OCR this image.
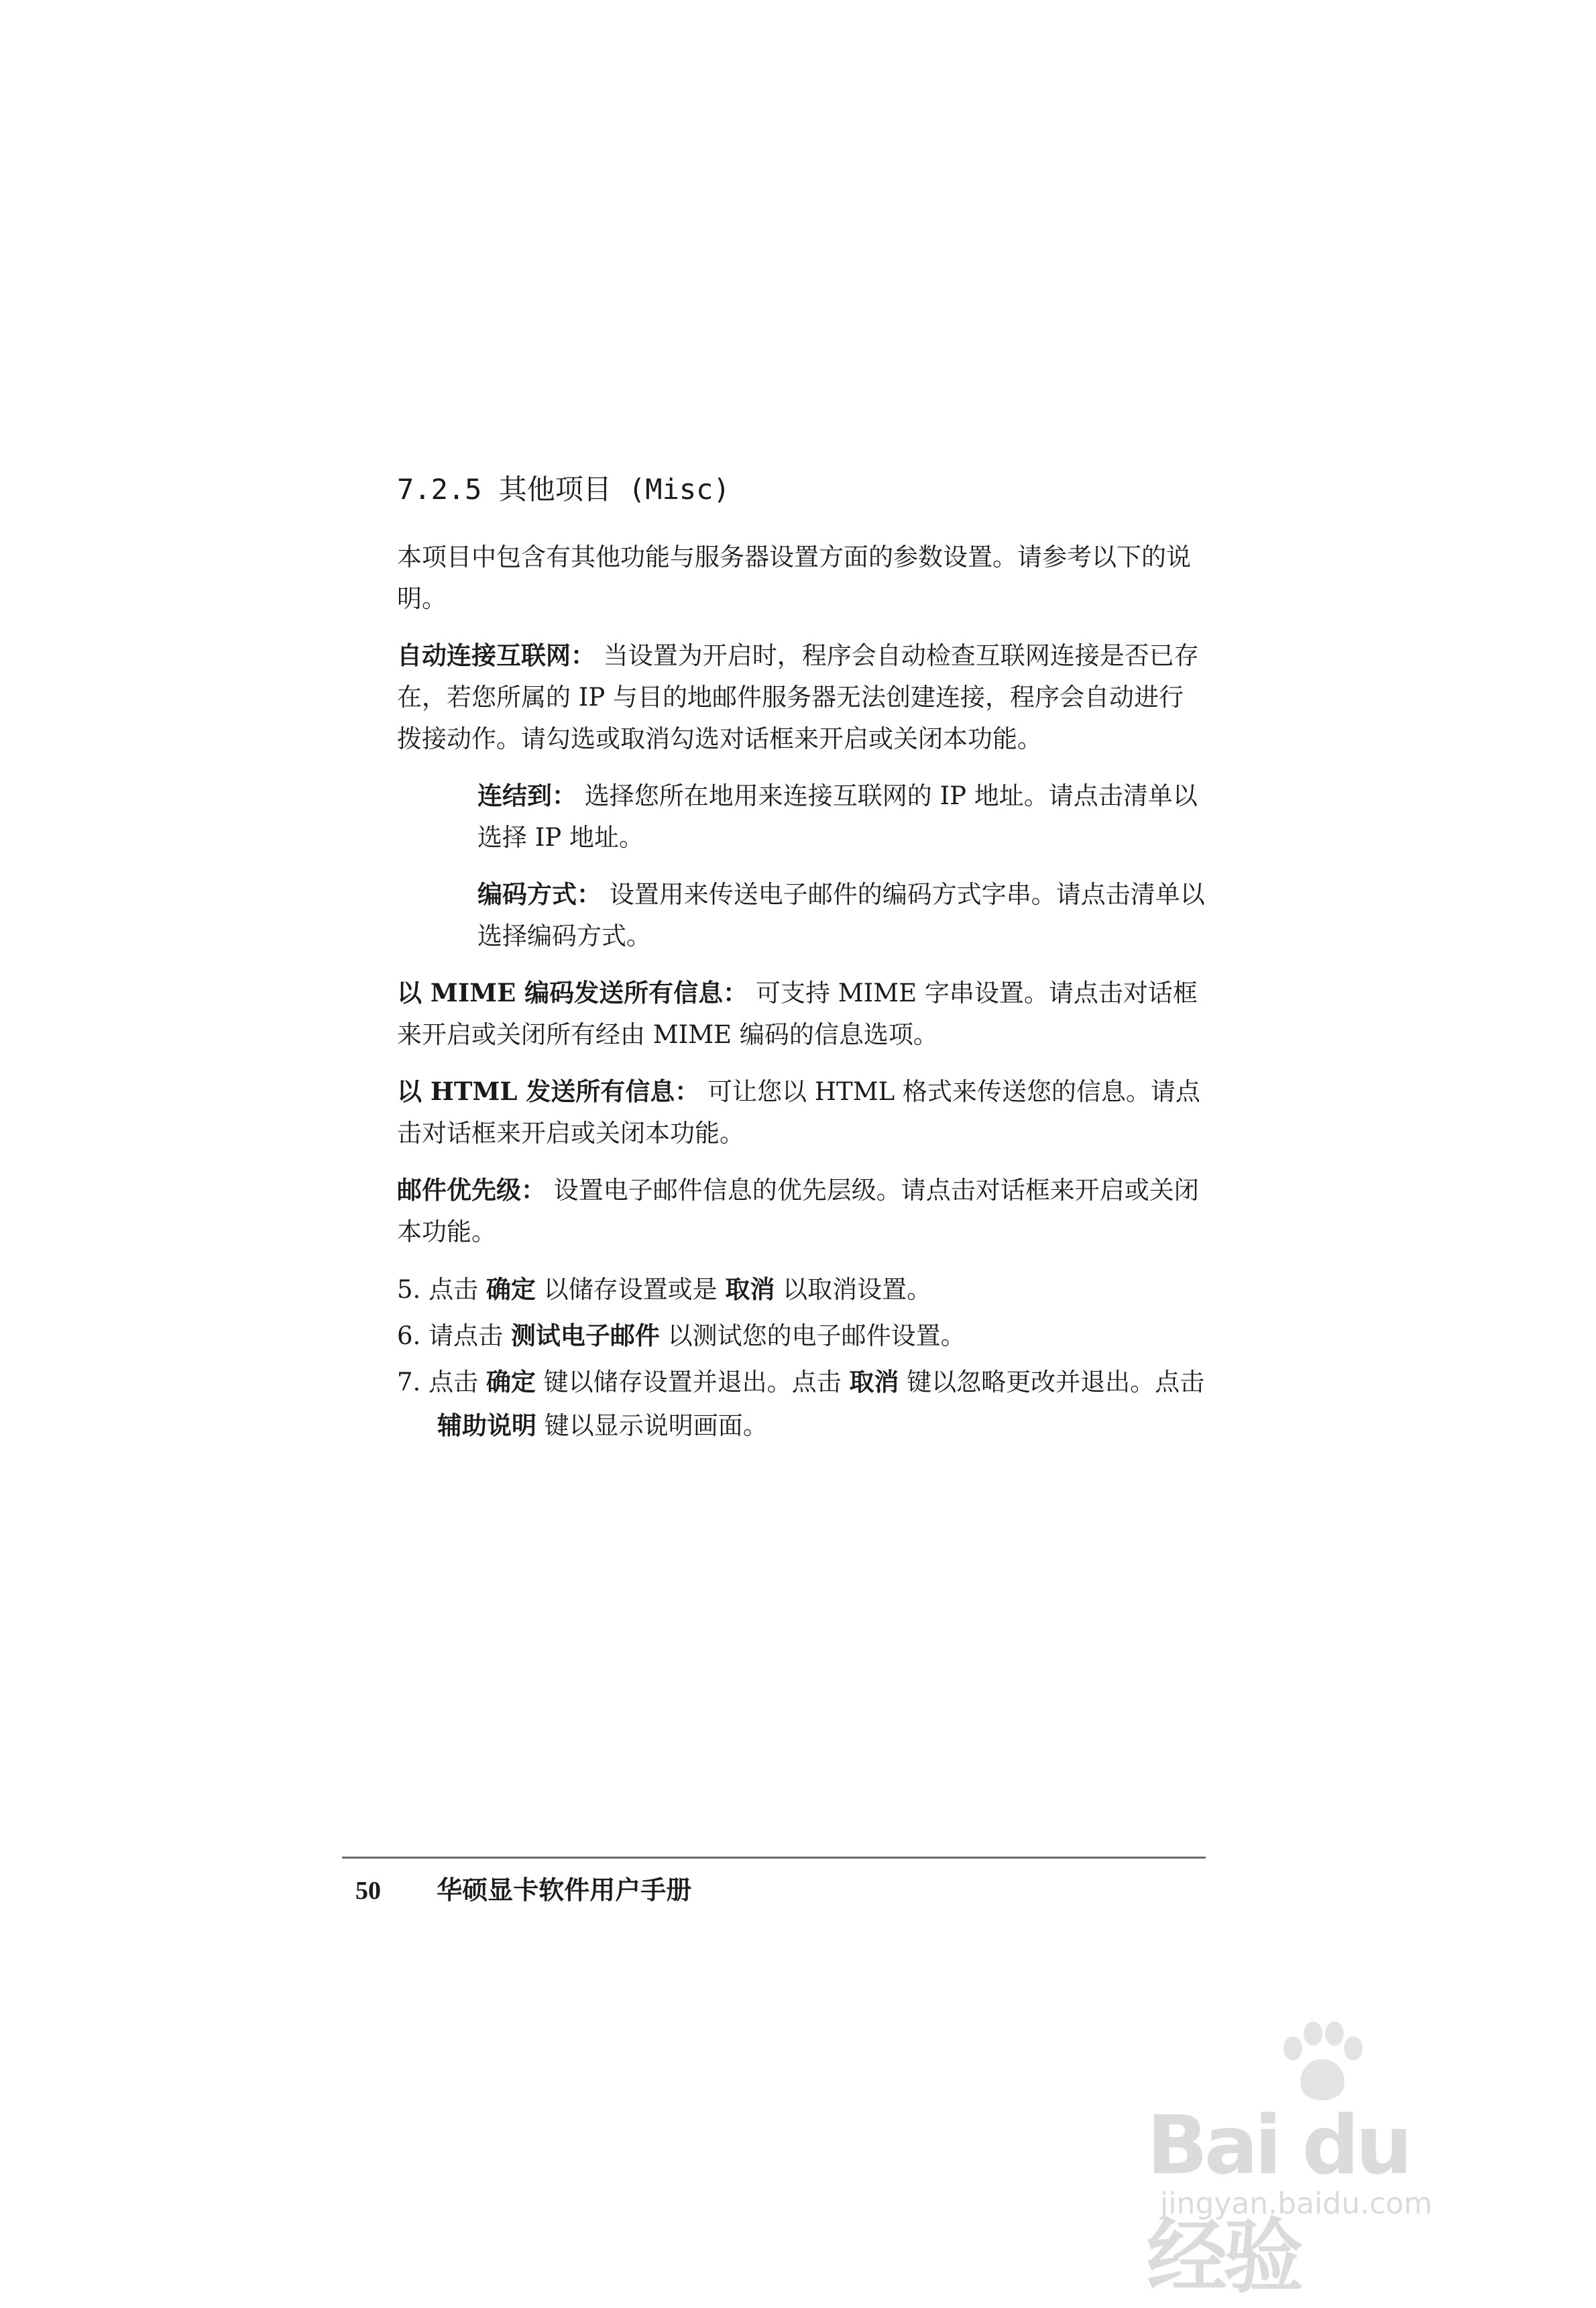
7.2.5 其他项目 (Misc)

本项目中包含有其他功能与服务器设置方面的参数设置。请参考以下的说明。

自动连接互联网： 当设置为开启时，程序会自动检查互联网连接是否已存在，若您所属的 IP 与目的地邮件服务器无法创建连接，程序会自动进行拨接动作。请勾选或取消勾选对话框来开启或关闭本功能。

连结到： 选择您所在地用来连接互联网的 IP 地址。请点击清单以选择 IP 地址。

编码方式： 设置用来传送电子邮件的编码方式字串。请点击清单以选择编码方式。

以 MIME 编码发送所有信息： 可支持 MIME 字串设置。请点击对话框来开启或关闭所有经由 MIME 编码的信息选项。

以 HTML 发送所有信息： 可让您以 HTML 格式来传送您的信息。请点击对话框来开启或关闭本功能。

邮件优先级： 设置电子邮件信息的优先层级。请点击对话框来开启或关闭本功能。

5. 点击 确定 以储存设置或是 取消 以取消设置。

6. 请点击 测试电子邮件 以测试您的电子邮件设置。

7. 点击 确定 键以储存设置并退出。点击 取消 键以忽略更改并退出。点击 辅助说明 键以显示说明画面。

50 华硕显卡软件用户手册
Bai du 经验
jingyan.baidu.com
